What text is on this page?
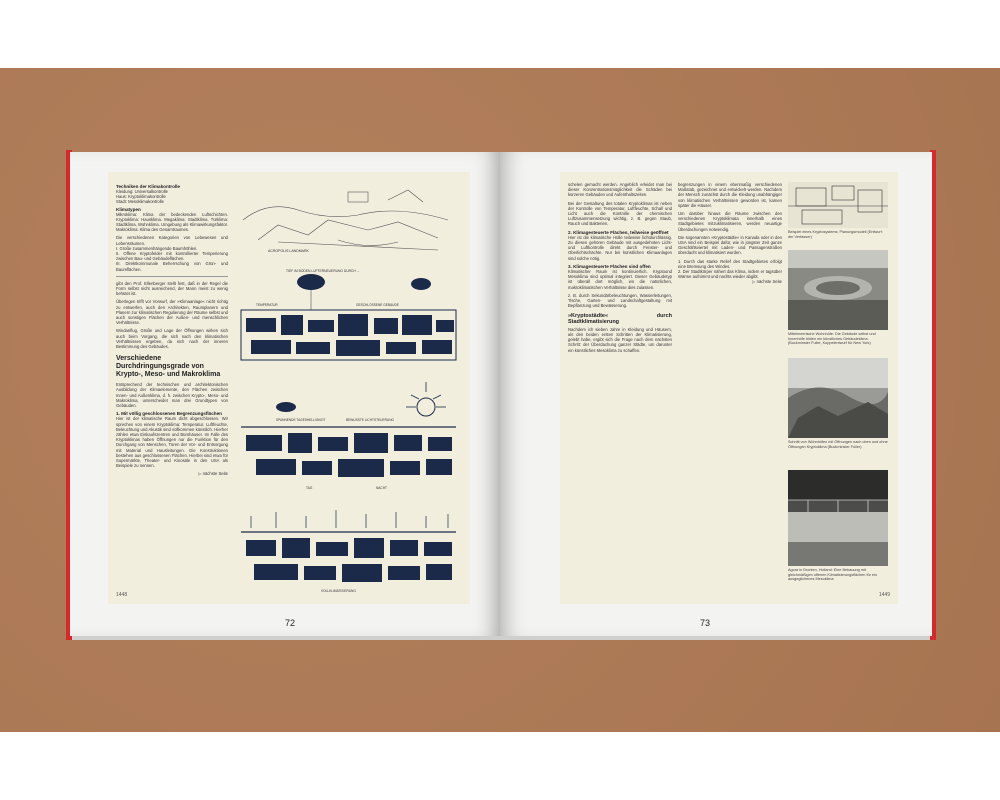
Techniken der Klimakontrolle
Kleidung: Universalkontrolle
Haus: Kryptoklimakontrolle
Stadt: Mesoklimakontrolle
Klimatypen
Mikroklima: Klima der bedeckenden Luftschichten. Kryptoklima: Hausklima. Megaklima: Stadtklima. Türklima: Stadtklima, Wohnklima. Umgebung als Klimawirkungsfaktor. Makroklima: Klima des Gesamtraumes.
Die verschiedenen Kategorien von Lebewesen und Lebensräumen.
I. Große zusammenhängende Baumhöhlen.
II. Offene Kryptofelder mit kontrollierter Temperierung zwischen Bau- und Gebäudeflächen.
III. Direktkommunale Beherrschung von Grün- und Baumflächen.

gibt den Prof. Ellenberger stellt fest, daß in der Regel die Form selbst nicht ausreichend, der Mann meist zu wenig behütet ist.

Überlegen trifft vor Vorwurf, der »Klimaanlage« nicht richtig zu entwerfen, auch den Architekten, Raumplanern und Planern zur klimatischen Regulierung der Räume selbst und auch sonstigen Flächen der Außen- und menschlichen Verhältnisse.

Windanflug, Grüße und Lage der Öffnungen wirken sich auch beim Vorgang, die sich nach den klimatischen Verhältnissen ergeben, da sich nach der inneren Bestimmung des Gebäudes.

Verschiedene Durchdringungsgrade von Krypto-, Meso- und Makroklima

Entsprechend der technischen und architektonischen Ausbildung der Klimaelemente, den Flächen zwischen Innen- und Außenklima, d. h. zwischen Krypto-, Meso- und Makroklima, unterscheidet man drei Grundtypen von Gebäuden.

1. Mit völlig geschlossenen Begrenzungsflächen

Hier ist der klimatische Raum dicht abgeschlossen. Wir sprechen von einem Kryptoklima: Temperatur, Luftfeuchte, Beleuchtung und Akustik sind vollkommen künstlich. Hierher zählen etwa Einkaufszentren und Bürohäuser. Im Falle des Kryptoklimas haben Öffnungen nur die Funktion für den Durchgang von Menschen, Türen der Vor- und Entsorgung mit Material und Hausleitungen. Die Konstruktionen bestehen aus geschlossenen Flächen. Hierbei sind etwa für Supermärkte, Theater- und Kinosäle in den USA als Beispiele zu nennen.

▷ nächste Seite
ACROPOLIS LANDMARK
TIEF IM BODEN LUFTERNEUERUNG DURCH ...
TEMPERATUR	GESCHLOSSENE GEBÄUDE
SPANNENDE TAGESHELLIGKEIT	BEWUSSTE LICHTSTEUERUNG
TAG	NACHT
VOLLKLIMATISIERUNG
1448
72

schelen gemacht werden. Angeblich erleidet man bei dieser Konzentrationsmöglichkeit die Schäden bei kürzeren Gebäuden und Aufenthaltszeiten.

Bei der Gestaltung des totalen Kryptoklimas ist neben der Kontrolle von Temperatur, Luftfeuchte, Schall und Licht auch die Kontrolle der chemischen Luftzusammensetzung wichtig, z. B. gegen Staub, Rauch und Bakterien.

2. Klimagesteuerte Flächen, teilweise geöffnet

Hier ist die klimatische Hülle teilweise lichtdurchlässig. Zu diesen gehören Gebäude mit ausgedehnten Licht- und Luftkontrolle direkt durch Fenster- und Oberlichtschächte. Nur bei künstlichen Klimaanlagen sind solche nötig.

3. Klimagesteuerte Flächen sind offen

Klimatischer Raum ist kontinuierlich. Kryptound Mesoklima sind optimal integriert. Dieser Gebäudetyp ist überall dort möglich, wo die natürlichen, makroklimatischen Verhältnisse dies zulassen.

z. B. durch Sekundärbeleuchtungen, Wasserleitungen, Tische, Garten- und Landschaftgestaltung mit Bepflanzung und Bewässerung.

»Kryptostädte« durch Stadtklimatisierung

Nachdem ich sieben Jahre in Kleidung und Häusern, als den beiden ersten Schritten der Klimatisierung, gelebt habe, ergibt sich die Frage nach dem nächsten Schritt: der Überdachung ganzer Städte, um darunter ein künstliches Mesoklima zu schaffen.

begrenzungen in einem ebenmaßig verschiedenen Maßstab, gezeichnet und entwickelt werden. Nachdem der Mensch zunächst durch die Kleidung unabhängiger von klimatischen Verhältnissen geworden ist, kamen später die Häuser.

Um darüber hinaus die Räume zwischen den verschiedenen Kryptoklimata innerhalb eines Stadtgebietes mitzuklimatisieren, werden neuartige Überdachungen notwendig.

Die sogenannten »Kryptostädte« in Kanada oder in den USA sind ein Beispiel dafür, wie in jüngster Zeit ganze Geschäftsviertel mit Laden- und Passagenstraßen überdacht und klimatisiert wurden.

1. Durch das starke Relief des Stadtgebietes erfolgt eine Bremsung des Windes.
2. Der Stadtkörper nähert das Klima, indem er tagsüber Wärme aufnimmt und nachts wieder abgibt.
▷ nächste Seite
Beispiel eines Kryptosystems: Planungsmodell (Entwurf: der Verfasser)
Mittelmeerische Wohnhöfe: Die Gebäude selbst und Innenhöfe bilden ein künstliches Gebäudeklima (Buckminster Fuller, Kuppelentwurf für New York)
Schnitt von Wohnhöfen mit Öffnungen nach oben und ohne Öffnungen Kryptoklima (Buckminster Fuller)
Agora in Dronten, Holland: Eine Bebauung mit gleichmäßigen offenen Klimatisierungsflächen für ein ausgeglichenes Mesoklima
1449
73
